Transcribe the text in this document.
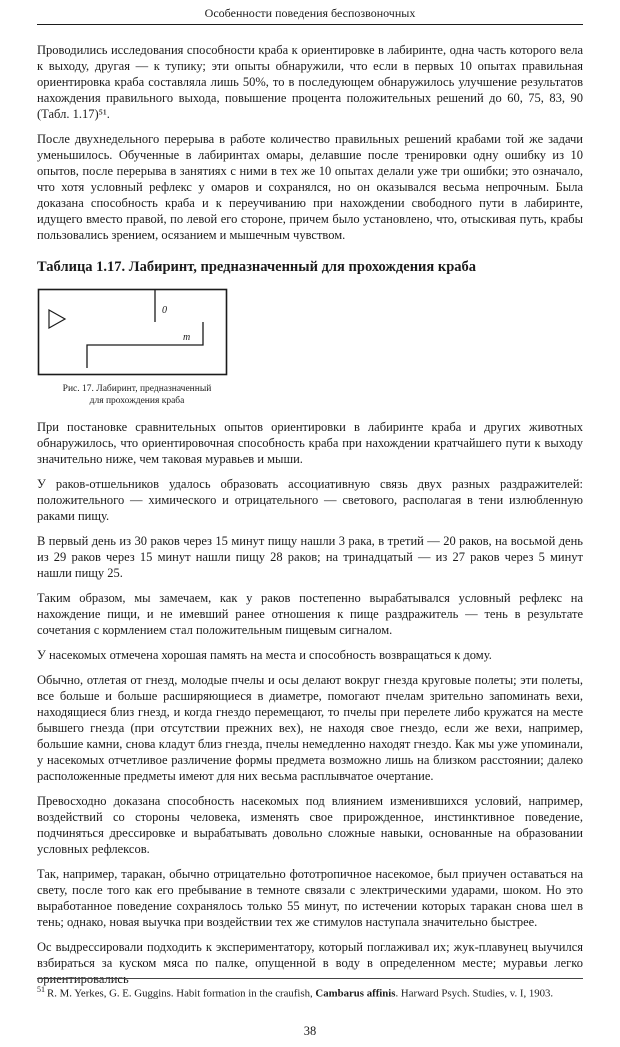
Особенности поведения беспозвоночных

Проводились исследования способности краба к ориентировке в лабиринте, одна часть которого вела к выходу, другая — к тупику; эти опыты обнаружили, что если в первых 10 опытах правильная ориентировка краба составляла лишь 50%, то в последующем обнаружилось улучшение результатов нахождения правильного выхода, повышение процента положительных решений до 60, 75, 83, 90 (Табл. 1.17)⁵¹.

После двухнедельного перерыва в работе количество правильных решений крабами той же задачи уменьшилось. Обученные в лабиринтах омары, делавшие после тренировки одну ошибку из 10 опытов, после перерыва в занятиях с ними в тех же 10 опытах делали уже три ошибки; это означало, что хотя условный рефлекс у омаров и сохранялся, но он оказывался весьма непрочным. Была доказана способность краба и к переучиванию при нахождении свободного пути в лабиринте, идущего вместо правой, по левой его стороне, причем было установлено, что, отыскивая путь, крабы пользовались зрением, осязанием и мышечным чувством.

Таблица 1.17. Лабиринт, предназначенный для прохождения краба
0
m
Рис. 17. Лабиринт, предназначенный
для прохождения краба

При постановке сравнительных опытов ориентировки в лабиринте краба и других животных обнаружилось, что ориентировочная способность краба при нахождении кратчайшего пути к выходу значительно ниже, чем таковая муравьев и мыши.

У раков-отшельников удалось образовать ассоциативную связь двух разных раздражителей: положительного — химического и отрицательного — светового, располагая в тени излюбленную раками пищу.

В первый день из 30 раков через 15 минут пищу нашли 3 рака, в третий — 20 раков, на восьмой день из 29 раков через 15 минут нашли пищу 28 раков; на тринадцатый — из 27 раков через 5 минут нашли пищу 25.

Таким образом, мы замечаем, как у раков постепенно вырабатывался условный рефлекс на нахождение пищи, и не имевший ранее отношения к пище раздражитель — тень в результате сочетания с кормлением стал положительным пищевым сигналом.

У насекомых отмечена хорошая память на места и способность возвращаться к дому.

Обычно, отлетая от гнезд, молодые пчелы и осы делают вокруг гнезда круговые полеты; эти полеты, все больше и больше расширяющиеся в диаметре, помогают пчелам зрительно запоминать вехи, находящиеся близ гнезд, и когда гнездо перемещают, то пчелы при перелете либо кружатся на месте бывшего гнезда (при отсутствии прежних вех), не находя свое гнездо, если же вехи, например, большие камни, снова кладут близ гнезда, пчелы немедленно находят гнездо. Как мы уже упоминали, у насекомых отчетливое различение формы предмета возможно лишь на близком расстоянии; далеко расположенные предметы имеют для них весьма расплывчатое очертание.

Превосходно доказана способность насекомых под влиянием изменившихся условий, например, воздействий со стороны человека, изменять свое прирожденное, инстинктивное поведение, подчиняться дрессировке и вырабатывать довольно сложные навыки, основанные на образовании условных рефлексов.

Так, например, таракан, обычно отрицательно фототропичное насекомое, был приучен оставаться на свету, после того как его пребывание в темноте связали с электрическими ударами, шоком. Но это выработанное поведение сохранялось только 55 минут, по истечении которых таракан снова шел в тень; однако, новая выучка при воздействии тех же стимулов наступала значительно быстрее.

Ос выдрессировали подходить к экспериментатору, который поглаживал их; жук-плавунец выучился взбираться за куском мяса по палке, опущенной в воду в определенном месте; муравьи легко ориентировались

$^{51}$ R. M. Yerkes, G. E. Guggins. Habit formation in the craufish, Cambarus affinis. Harward Psych. Studies, v. I, 1903.
38
